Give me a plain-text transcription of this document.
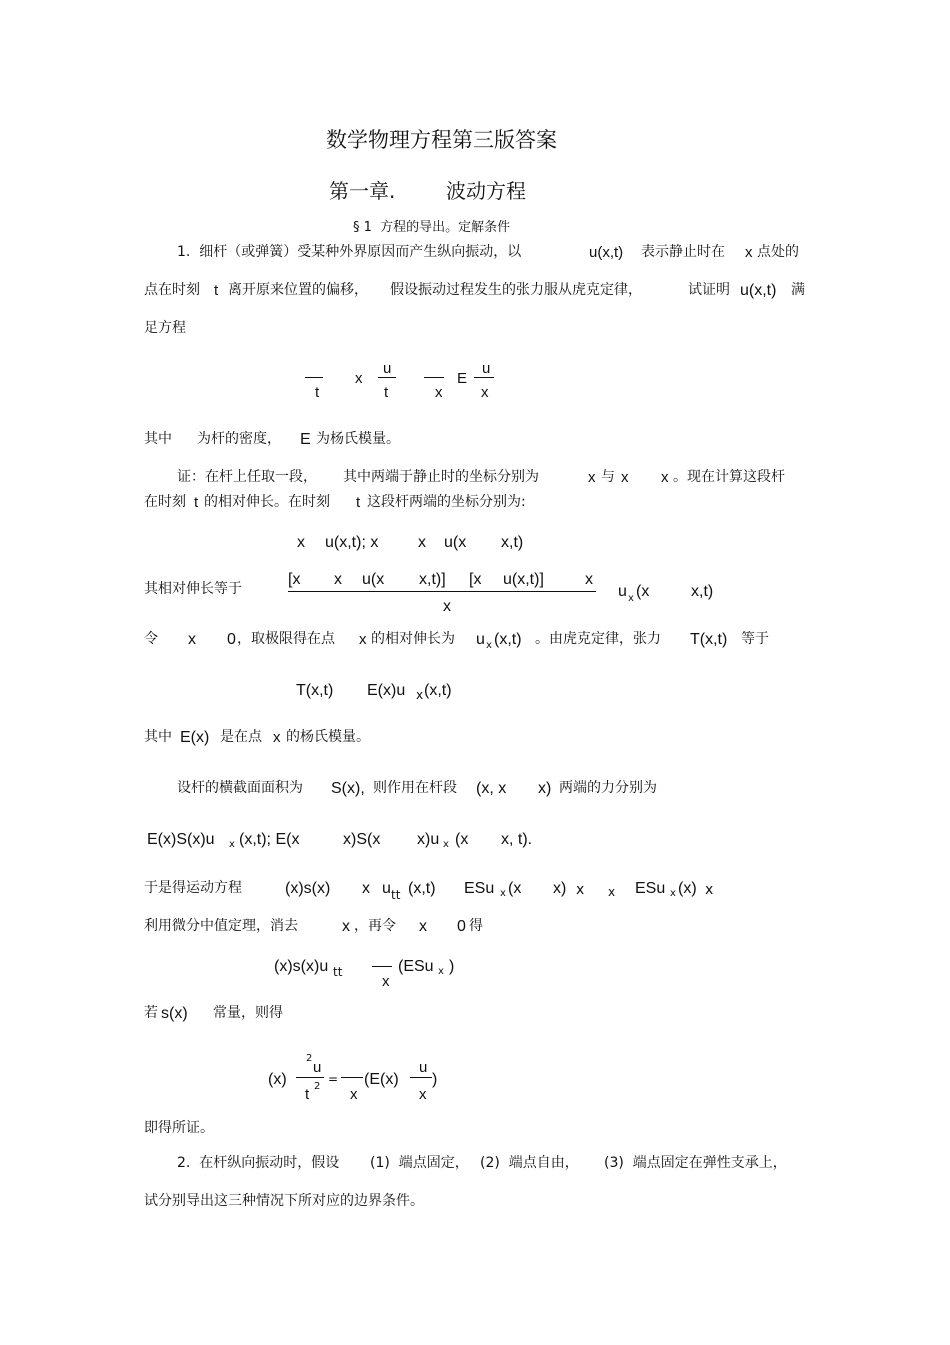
数学物理方程第三版答案
第一章.	波动方程
§ 1  方程的导出。定解条件
1.  细杆（或弹簧）受某种外界原因而产生纵向振动，以	u(x,t) 表示静止时在 x 点处的
点在时刻 t 离开原来位置的偏移， 假设振动过程发生的张力服从虎克定律，	试证明 u(x,t) 满
足方程
t
x
u
t	x
E
u
x
其中 为杆的密度， E 为杨氏模量。
证：在杆上任取一段， 其中两端于静止时的坐标分别为	x 与 x x 。现在计算这段杆
在时刻 t 的相对伸长。在时刻 t 这段杆两端的坐标分别为:
x u(x,t); x x u(x x,t)
其相对伸长等于
[x x u(x x,t)] [x u(x,t)]	x
x
u x (x	x,t)
令 x 0 ，取极限得在点 x 的相对伸长为 u x (x,t) 。由虎克定律，张力 T(x,t) 等于
T(x,t) E(x)u x (x,t)
其中 E(x) 是在点 x 的杨氏模量。
设杆的横截面面积为 S(x), 则作用在杆段 (x, x x) 两端的力分别为
E(x)S(x)u x (x,t); E(x	x)S(x x)u x (x x, t).
于是得运动方程	(x)s(x) x u tt (x,t) ESu x (x x) x x ESu x (x) x
利用微分中值定理，消去	x ，再令 x 0 得
(x)s(x)u tt
x
(ESu x )
若 s(x) 常量，则得
(x)
2
u
t 2
=
x
(E(x)
u
x
)
即得所证。
2.  在杆纵向振动时，假设 (1)  端点固定， (2)  端点自由， (3)  端点固定在弹性支承上，
试分别导出这三种情况下所对应的边界条件。
